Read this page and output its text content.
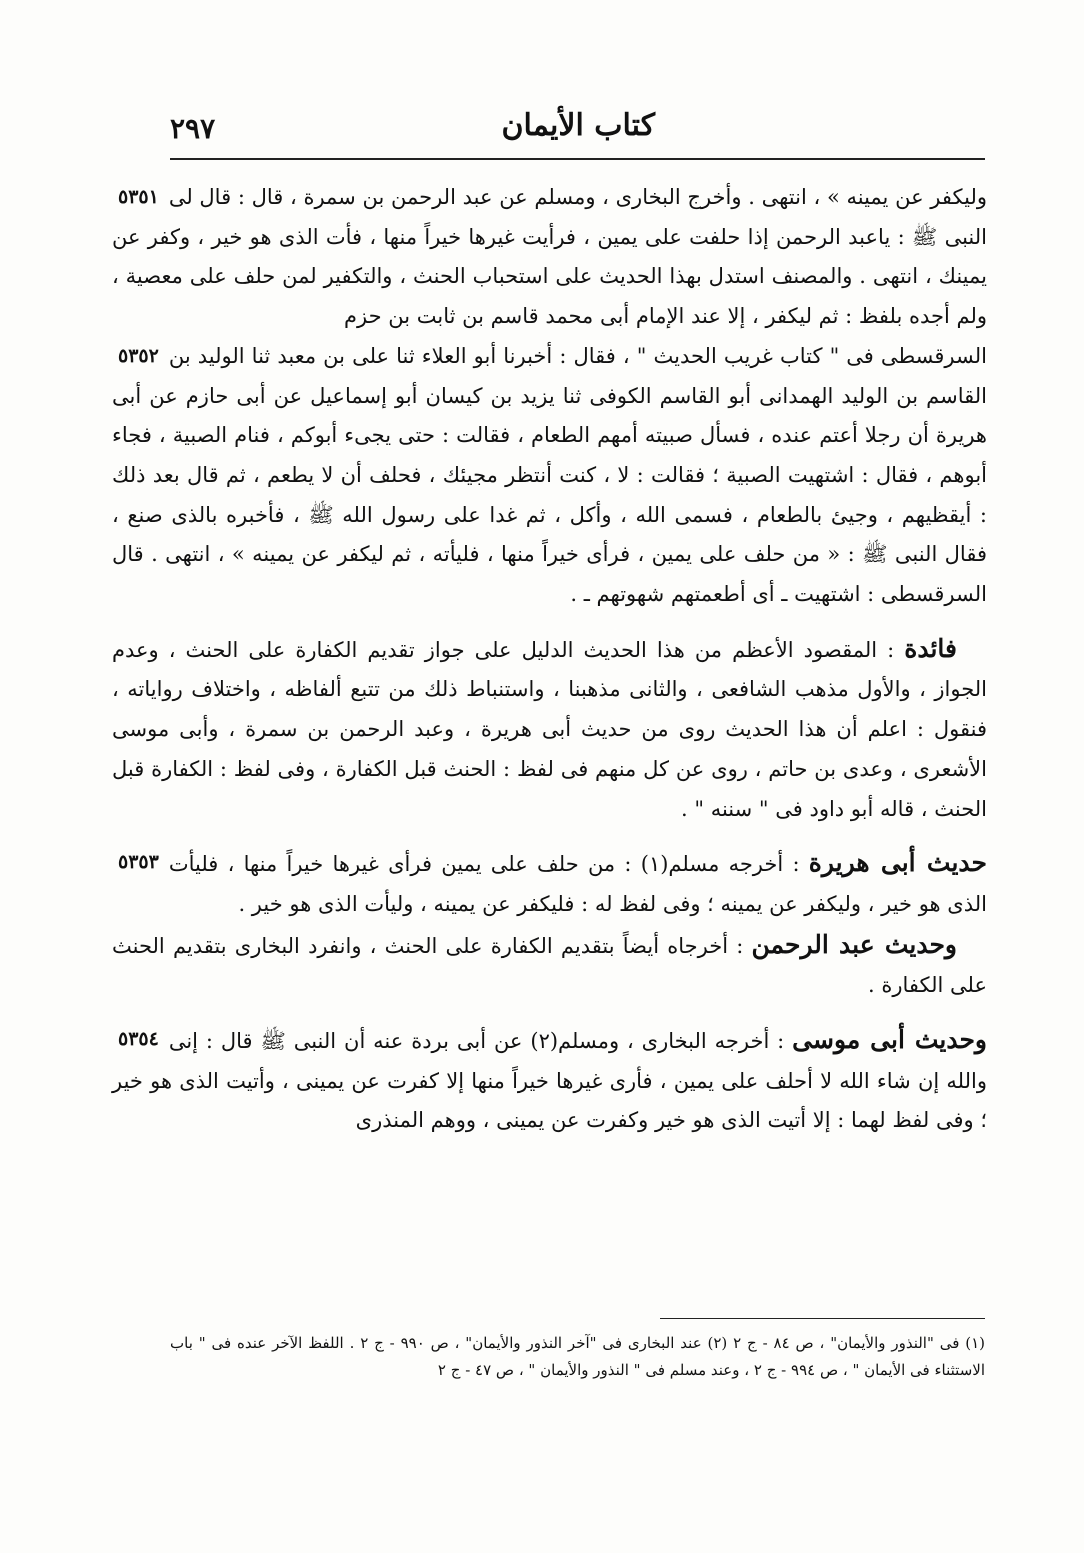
كتاب الأيمان
٢٩٧

٥٣٥١ وليكفر عن يمينه » ، انتهى . وأخرج البخارى ، ومسلم عن عبد الرحمن بن سمرة ، قال : قال لى النبى ﷺ : ياعبد الرحمن إذا حلفت على يمين ، فرأيت غيرها خيراً منها ، فأت الذى هو خير ، وكفر عن يمينك ، انتهى . والمصنف استدل بهذا الحديث على استحباب الحنث ، والتكفير لمن حلف على معصية ، ولم أجده بلفظ : ثم ليكفر ، إلا عند الإمام أبى محمد قاسم بن ثابت بن حزم

٥٣٥٢ السرقسطى فى " كتاب غريب الحديث " ، فقال : أخبرنا أبو العلاء ثنا على بن معبد ثنا الوليد بن القاسم بن الوليد الهمدانى أبو القاسم الكوفى ثنا يزيد بن كيسان أبو إسماعيل عن أبى حازم عن أبى هريرة أن رجلا أعتم عنده ، فسأل صبيته أمهم الطعام ، فقالت : حتى يجىء أبوكم ، فنام الصبية ، فجاء أبوهم ، فقال : اشتهيت الصبية ؛ فقالت : لا ، كنت أنتظر مجيئك ، فحلف أن لا يطعم ، ثم قال بعد ذلك : أيقظيهم ، وجيئ بالطعام ، فسمى الله ، وأكل ، ثم غدا على رسول الله ﷺ ، فأخبره بالذى صنع ، فقال النبى ﷺ : « من حلف على يمين ، فرأى خيراً منها ، فليأته ، ثم ليكفر عن يمينه » ، انتهى . قال السرقسطى : اشتهيت ـ أى أطعمتهم شهوتهم ـ .

فائدة : المقصود الأعظم من هذا الحديث الدليل على جواز تقديم الكفارة على الحنث ، وعدم الجواز ، والأول مذهب الشافعى ، والثانى مذهبنا ، واستنباط ذلك من تتبع ألفاظه ، واختلاف رواياته ، فنقول : اعلم أن هذا الحديث روى من حديث أبى هريرة ، وعبد الرحمن بن سمرة ، وأبى موسى الأشعرى ، وعدى بن حاتم ، روى عن كل منهم فى لفظ : الحنث قبل الكفارة ، وفى لفظ : الكفارة قبل الحنث ، قاله أبو داود فى " سننه " .

٥٣٥٣	حديث أبى هريرة : أخرجه مسلم(١) : من حلف على يمين فرأى غيرها خيراً منها ، فليأت الذى هو خير ، وليكفر عن يمينه ؛ وفى لفظ له : فليكفر عن يمينه ، وليأت الذى هو خير .

وحديث عبد الرحمن : أخرجاه أيضاً بتقديم الكفارة على الحنث ، وانفرد البخارى بتقديم الحنث على الكفارة .

٥٣٥٤	وحديث أبى موسى : أخرجه البخارى ، ومسلم(٢) عن أبى بردة عنه أن النبى ﷺ قال : إنى والله إن شاء الله لا أحلف على يمين ، فأرى غيرها خيراً منها إلا كفرت عن يمينى ، وأتيت الذى هو خير ؛ وفى لفظ لهما : إلا أتيت الذى هو خير وكفرت عن يمينى ، ووهم المنذرى

(١) فى "النذور والأيمان" ، ص ٨٤ - ج ٢ (٢) عند البخارى فى "آخر النذور والأيمان" ، ص ٩٩٠ - ج ٢ . اللفظ الآخر عنده فى " باب الاستثناء فى الأيمان " ، ص ٩٩٤ - ج ٢ ، وعند مسلم فى " النذور والأيمان " ، ص ٤٧ - ج ٢
